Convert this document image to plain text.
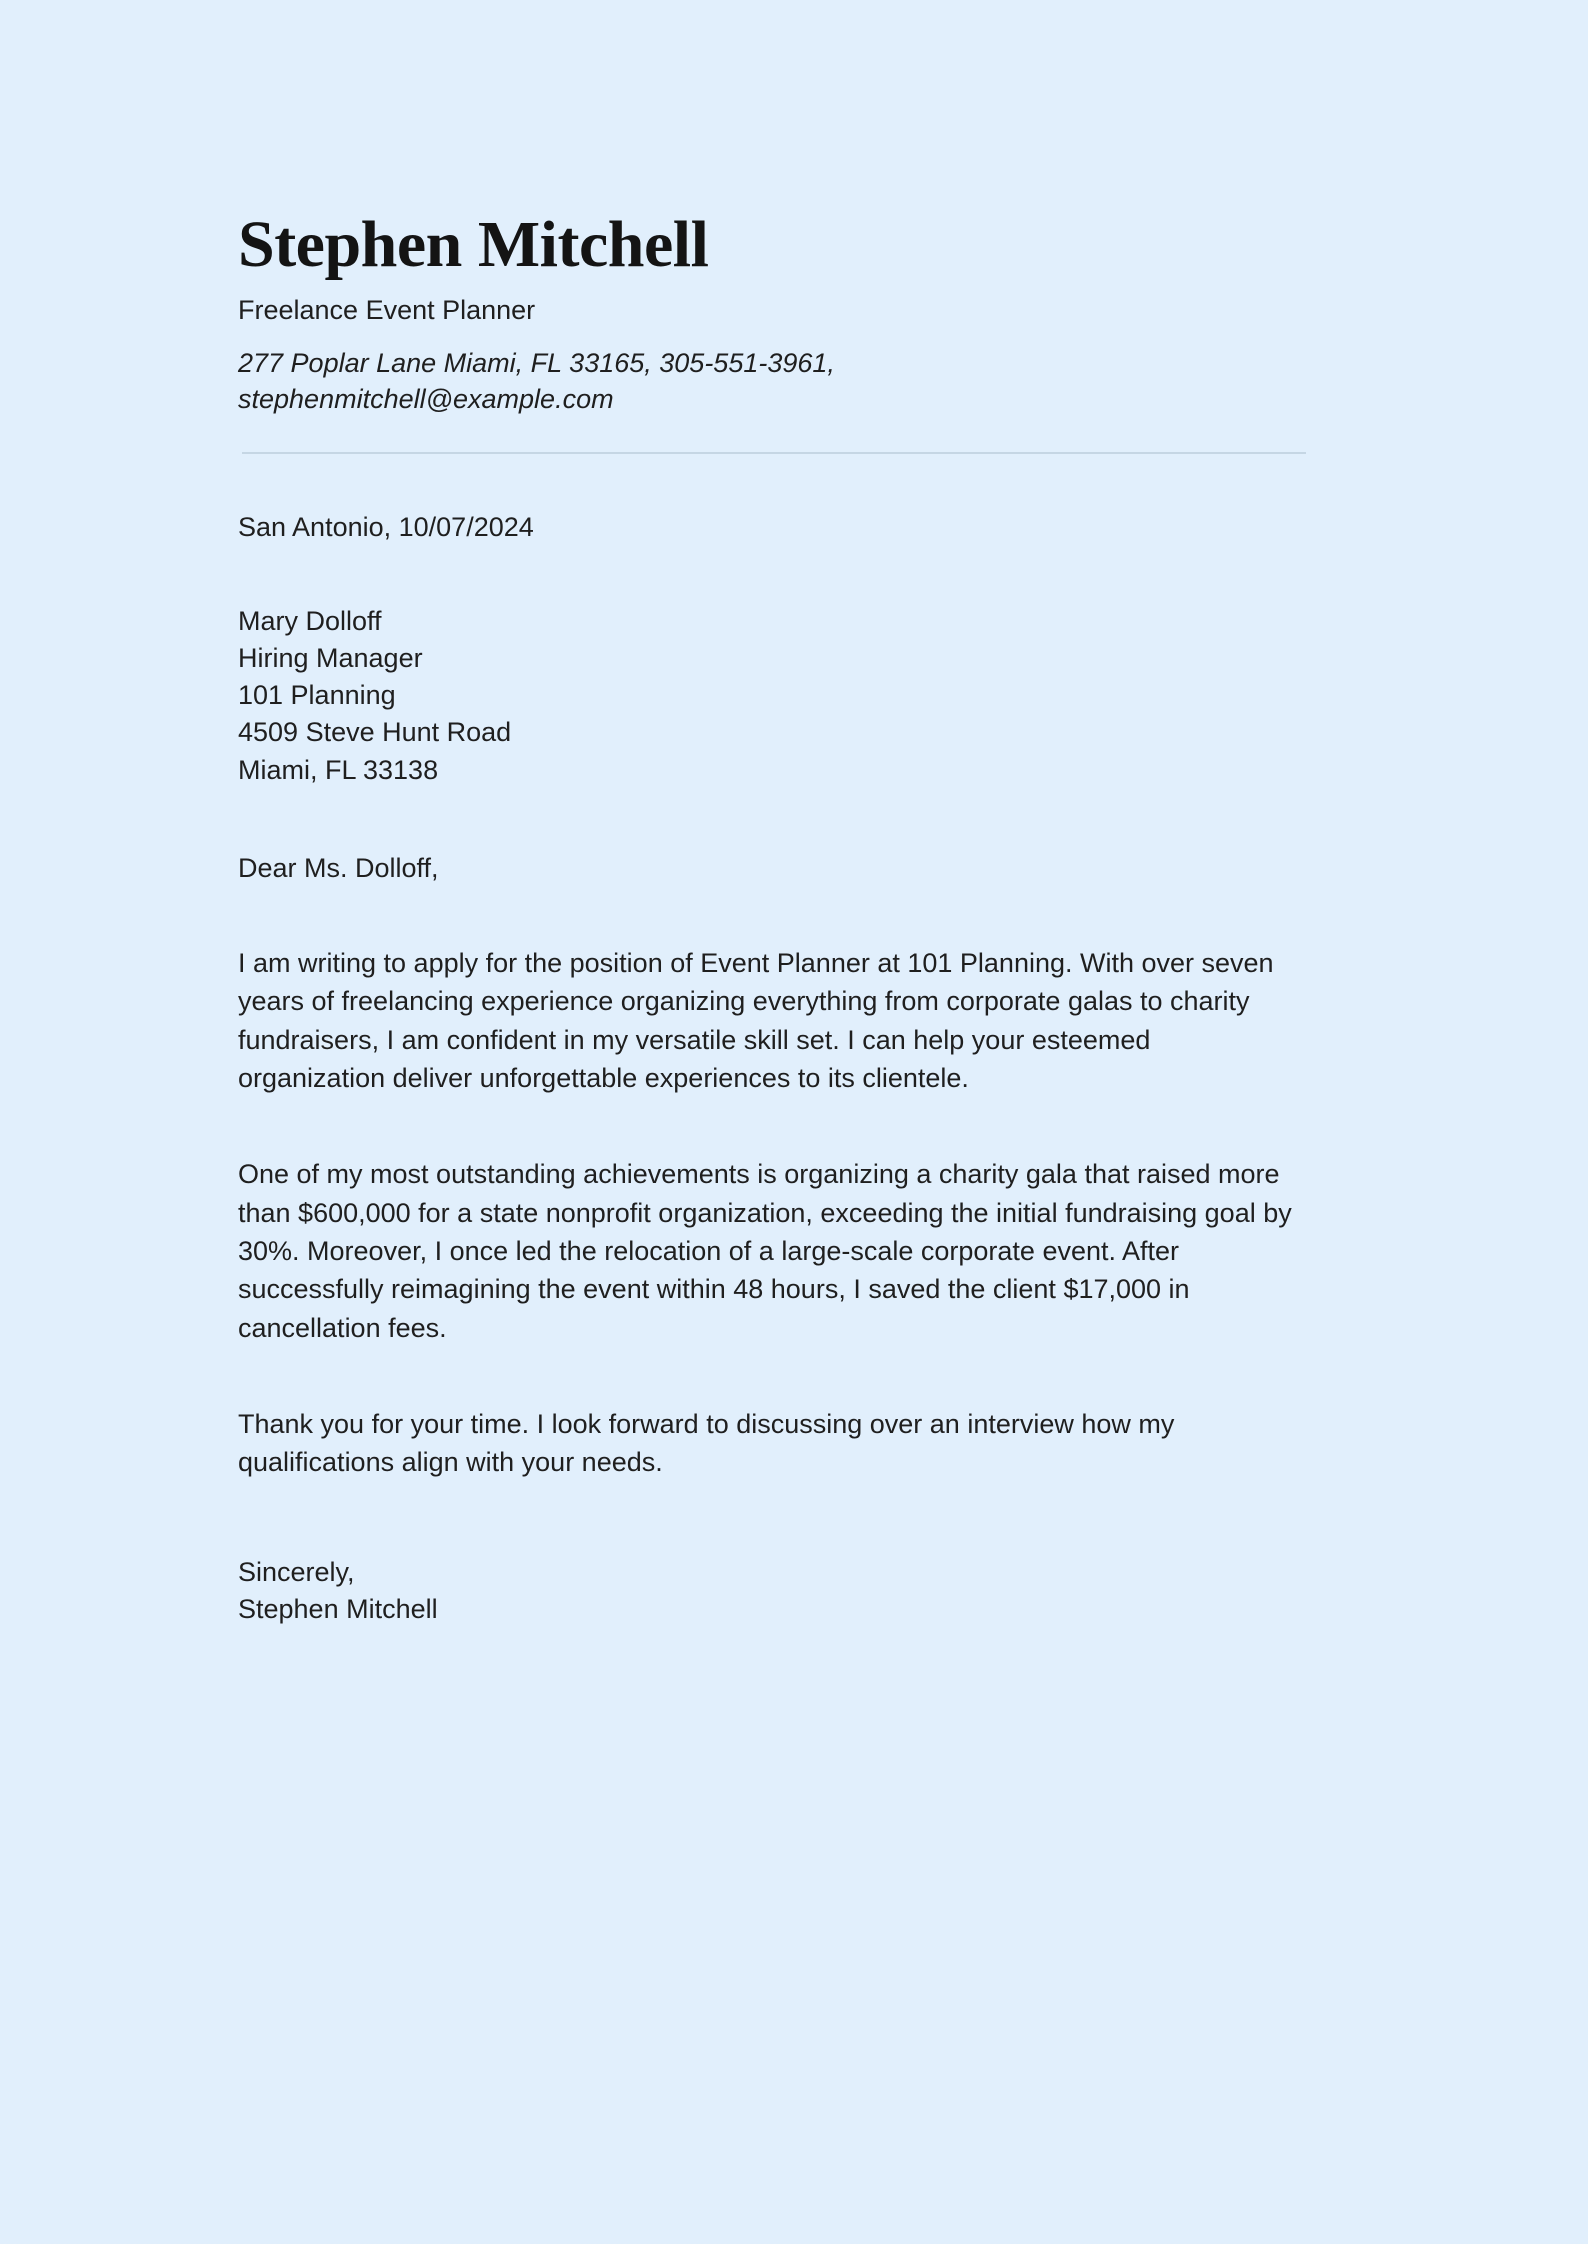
Stephen Mitchell
Freelance Event Planner
277 Poplar Lane Miami, FL 33165, 305-551-3961, stephenmitchell@example.com
San Antonio, 10/07/2024
Mary Dolloff
Hiring Manager
101 Planning
4509 Steve Hunt Road
Miami, FL 33138
Dear Ms. Dolloff,

I am writing to apply for the position of Event Planner at 101 Planning. With over seven years of freelancing experience organizing everything from corporate galas to charity fundraisers, I am confident in my versatile skill set. I can help your esteemed organization deliver unforgettable experiences to its clientele.

One of my most outstanding achievements is organizing a charity gala that raised more than $600,000 for a state nonprofit organization, exceeding the initial fundraising goal by 30%. Moreover, I once led the relocation of a large-scale corporate event. After successfully reimagining the event within 48 hours, I saved the client $17,000 in cancellation fees.

Thank you for your time. I look forward to discussing over an interview how my qualifications align with your needs.

Sincerely,
Stephen Mitchell
